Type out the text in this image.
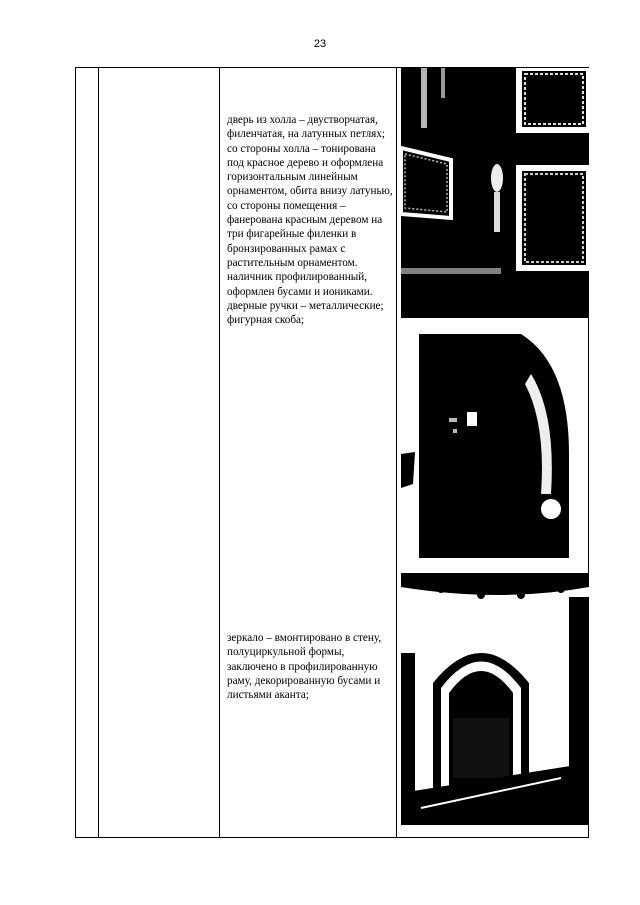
23

дверь из холла – двустворчатая, филенчатая, на латунных петлях; со стороны холла – тонирована под красное дерево и оформлена горизонтальным линейным орнаментом, обита внизу латунью, со стороны помещения – фанерована красным деревом на три фигарейные филенки в бронзированных рамах с растительным орнаментом.

наличник профилированный, оформлен бусами и иониками.

дверные ручки – металлические; фигурная скоба;

зеркало – вмонтировано в стену, полуциркульной формы, заключено в профилированную раму, декорированную бусами и листьями аканта;
